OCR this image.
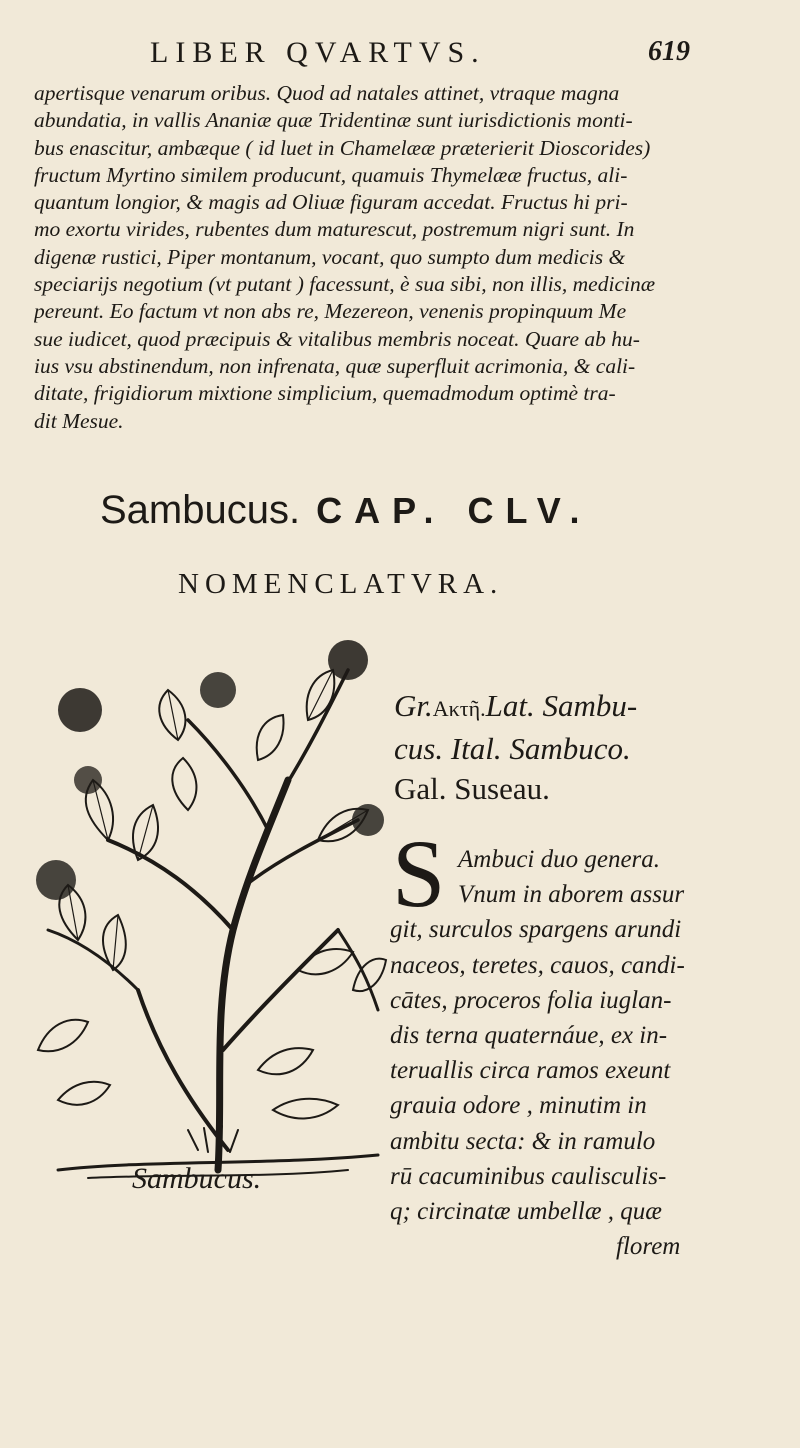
LIBER QVARTVS.	619
apertisque venarum oribus. Quod ad natales attinet, vtraque magna
abundatia, in vallis Ananiæ quæ Tridentinæ sunt iurisdictionis monti-
bus enascitur, ambæque ( id luet in Chamelææ præterierit Dioscorides)
fructum Myrtino similem producunt, quamuis Thymelææ fructus, ali-
quantum longior, & magis ad Oliuæ figuram accedat. Fructus hi pri-
mo exortu virides, rubentes dum maturescut, postremum nigri sunt. In
digenæ rustici, Piper montanum, vocant, quo sumpto dum medicis &
speciarijs negotium (vt putant ) facessunt, è sua sibi, non illis, medicinæ
pereunt. Eo factum vt non abs re, Mezereon, venenis propinquum Me
sue iudicet, quod præcipuis & vitalibus membris noceat. Quare ab hu-
ius vsu abstinendum, non infrenata, quæ superfluit acrimonia, & cali-
ditate, frigidiorum mixtione simplicium, quemadmodum optimè tra-
dit Mesue.
Sambucus. CAP. CLV.
NOMENCLATVRA.
Sambucus.
Gr.Ακτῆ.Lat. Sambu-
cus. Ital. Sambuco.
Gal. Suseau.
S Ambuci duo genera.
Vnum in aborem assur
git, surculos spargens arundi
naceos, teretes, cauos, candi-
cātes, proceros folia iuglan-
dis terna quaternáue, ex in-
teruallis circa ramos exeunt
grauia odore , minutim in
ambitu secta: & in ramulo
rū cacuminibus caulisculis-
q; circinatæ umbellæ , quæ
florem
